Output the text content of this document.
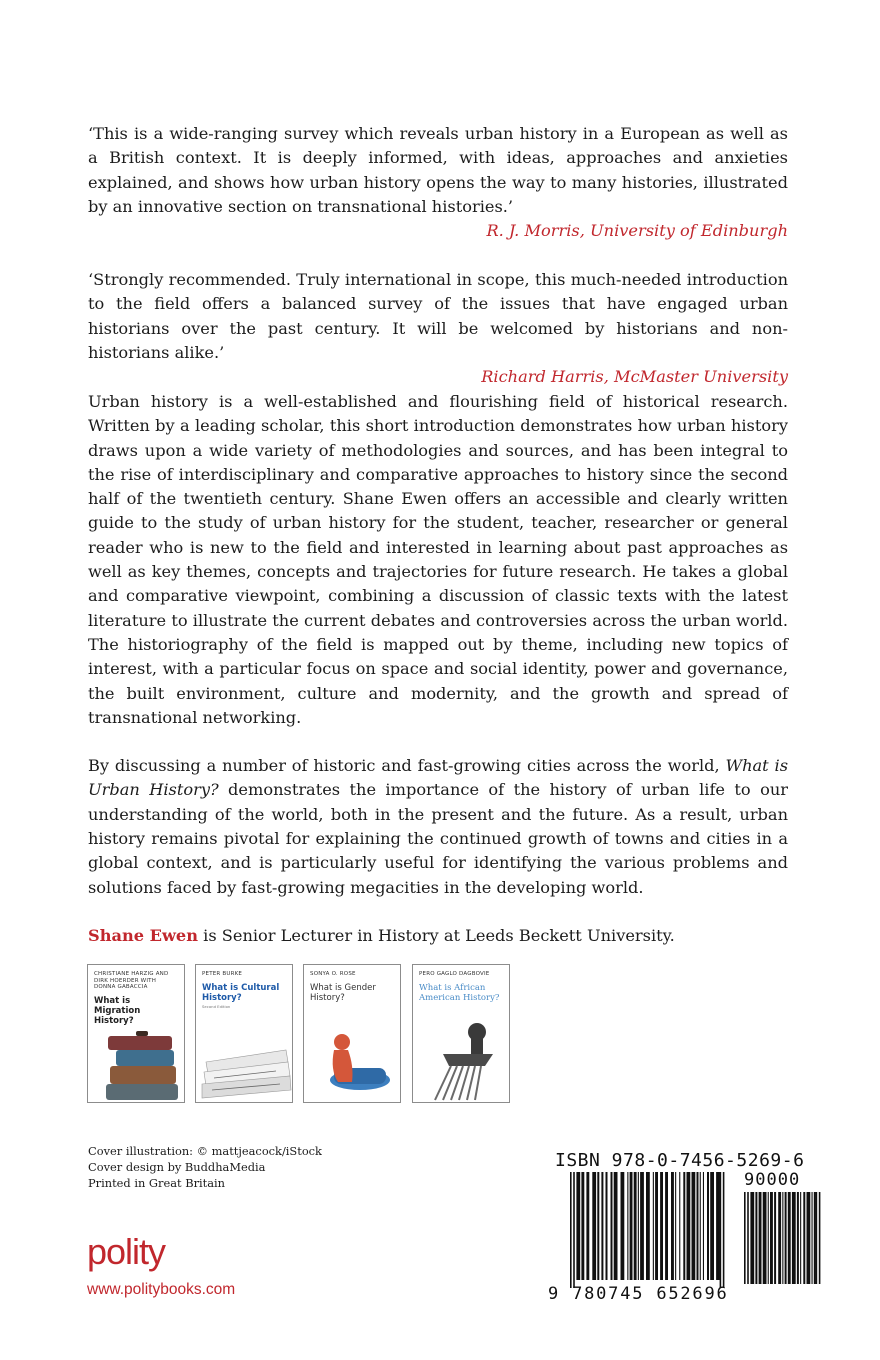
‘This is a wide-ranging survey which reveals urban history in a European as well as a British context. It is deeply informed, with ideas, approaches and anxieties explained, and shows how urban history opens the way to many histories, illustrated by an innovative section on transnational histories.’

R. J. Morris, University of Edinburgh

‘Strongly recommended. Truly international in scope, this much-needed introduction to the field offers a balanced survey of the issues that have engaged urban historians over the past century. It will be welcomed by historians and non-historians alike.’

Richard Harris, McMaster University

Urban history is a well-established and flourishing field of historical research. Written by a leading scholar, this short introduction demonstrates how urban history draws upon a wide variety of methodologies and sources, and has been integral to the rise of interdisciplinary and comparative approaches to history since the second half of the twentieth century. Shane Ewen offers an accessible and clearly written guide to the study of urban history for the student, teacher, researcher or general reader who is new to the field and interested in learning about past approaches as well as key themes, concepts and trajectories for future research. He takes a global and comparative viewpoint, combining a discussion of classic texts with the latest literature to illustrate the current debates and controversies across the urban world. The historiography of the field is mapped out by theme, including new topics of interest, with a particular focus on space and social identity, power and governance, the built environment, culture and modernity, and the growth and spread of transnational networking.

By discussing a number of historic and fast-growing cities across the world, What is Urban History? demonstrates the importance of the history of urban life to our understanding of the world, both in the present and the future. As a result, urban history remains pivotal for explaining the continued growth of towns and cities in a global context, and is particularly useful for identifying the various problems and solutions faced by fast-growing megacities in the developing world.

Shane Ewen is Senior Lecturer in History at Leeds Beckett University.

CHRISTIANE HARZIG AND DIRK HOERDER WITH DONNA GABACCIA
What is Migration History?
PETER BURKE
What is Cultural History?
Second Edition
SONYA O. ROSE
What is Gender History?
PERO GAGLO DAGBOVIE
What is African American History?
Cover illustration: © mattjeacock/iStock
Cover design by BuddhaMedia
Printed in Great Britain
polity
www.politybooks.com
ISBN 978-0-7456-5269-6
90000
9 780745 652696
